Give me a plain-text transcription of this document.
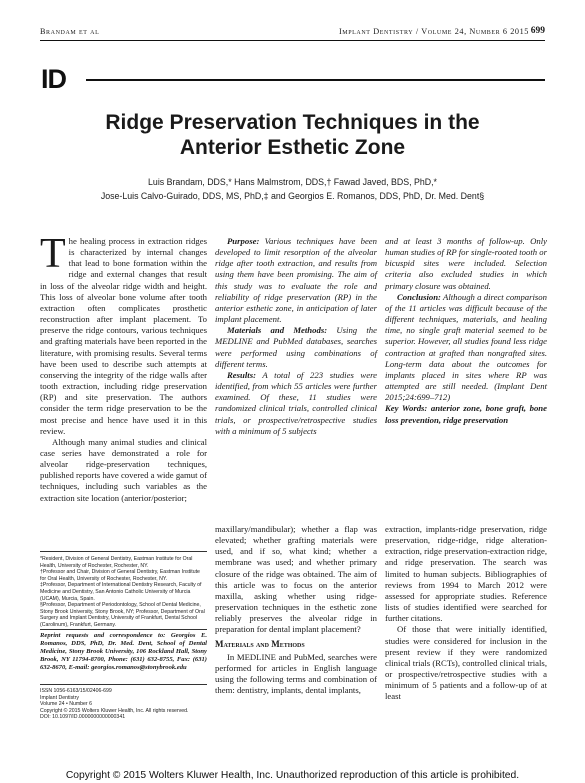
Brandam et al	Implant Dentistry / Volume 24, Number 6 2015 699
ID
Ridge Preservation Techniques in the
Anterior Esthetic Zone
Luis Brandam, DDS,* Hans Malmstrom, DDS,† Fawad Javed, BDS, PhD,*
Jose-Luis Calvo-Guirado, DDS, MS, PhD,‡ and Georgios E. Romanos, DDS, PhD, Dr. Med. Dent§

The healing process in extraction ridges is characterized by internal changes that lead to bone formation within the ridge and external changes that result in loss of the alveolar ridge width and height. This loss of alveolar bone volume after tooth extraction often complicates prosthetic reconstruction after implant placement. To preserve the ridge contours, various techniques and grafting materials have been reported in the literature, with promising results. Several terms have been used to describe such attempts at conserving the integrity of the ridge walls after tooth extraction, including ridge preservation (RP) and site preservation. The authors consider the term ridge preservation to be the most precise and hence have used it in this review.

Although many animal studies and clinical case series have demonstrated a role for alveolar ridge-preservation techniques, published reports have covered a wide gamut of techniques, including such variables as the extraction site location (anterior/posterior;

*Resident, Division of General Dentistry, Eastman Institute for Oral Health, University of Rochester, Rochester, NY.

†Professor and Chair, Division of General Dentistry, Eastman Institute for Oral Health, University of Rochester, Rochester, NY.

‡Professor, Department of International Dentistry Research, Faculty of Medicine and Dentistry, San Antonio Catholic University of Murcia (UCAM), Murcia, Spain.

§Professor, Department of Periodontology, School of Dental Medicine, Stony Brook University, Stony Brook, NY; Professor, Department of Oral Surgery and Implant Dentistry, University of Frankfurt, Dental School (Carolinum), Frankfurt, Germany.

Reprint requests and correspondence to: Georgios E. Romanos, DDS, PhD, Dr. Med. Dent, School of Dental Medicine, Stony Brook University, 106 Rockland Hall, Stony Brook, NY 11794-8700, Phone: (631) 632-8755, Fax: (631) 632-8670, E-mail: georgios.romanos@stonybrook.edu

ISSN 1056-6163/15/02406-699

Implant Dentistry

Volume 24 • Number 6

Copyright © 2015 Wolters Kluwer Health, Inc. All rights reserved.

DOI: 10.1097/ID.0000000000000341

Purpose: Various techniques have been developed to limit resorption of the alveolar ridge after tooth extraction, and results from using them have been promising. The aim of this study was to evaluate the role and reliability of ridge preservation (RP) in the anterior esthetic zone, in anticipation of later implant placement.

Materials and Methods: Using the MEDLINE and PubMed databases, searches were performed using combinations of different terms.

Results: A total of 223 studies were identified, from which 55 articles were further examined. Of these, 11 studies were randomized clinical trials, controlled clinical trials, or prospective/retrospective studies with a minimum of 5 subjects

and at least 3 months of follow-up. Only human studies of RP for single-rooted tooth or bicuspid sites were included. Selection criteria also excluded studies in which primary closure was obtained.

Conclusion: Although a direct comparison of the 11 articles was difficult because of the different techniques, materials, and healing time, no single graft material seemed to be superior. However, all studies found less ridge contraction at grafted than nongrafted sites. Long-term data about the outcomes for implants placed in sites where RP was attempted are still needed. (Implant Dent 2015;24:699–712)

Key Words: anterior zone, bone graft, bone loss prevention, ridge preservation

maxillary/mandibular); whether a flap was elevated; whether grafting materials were used, and if so, what kind; whether a membrane was used; and whether primary closure of the ridge was obtained. The aim of this article was to focus on the anterior maxilla, asking whether using ridge-preservation techniques in the esthetic zone reliably preserves the alveolar ridge in preparation for dental implant placement?

Materials and Methods

In MEDLINE and PubMed, searches were performed for articles in English language using the following terms and combination of them: dentistry, implants, dental implants,

extraction, implants-ridge preservation, ridge preservation, ridge-ridge, ridge alteration-extraction, ridge preservation-extraction ridge, and ridge preservation. The search was limited to human subjects. Bibliographies of reviews from 1994 to March 2012 were assessed for appropriate studies. Reference lists of studies identified were searched for further citations.

Of those that were initially identified, studies were considered for inclusion in the present review if they were randomized clinical trials (RCTs), controlled clinical trials, or prospective/retrospective studies with a minimum of 5 patients and a follow-up of at least

Copyright © 2015 Wolters Kluwer Health, Inc. Unauthorized reproduction of this article is prohibited.
